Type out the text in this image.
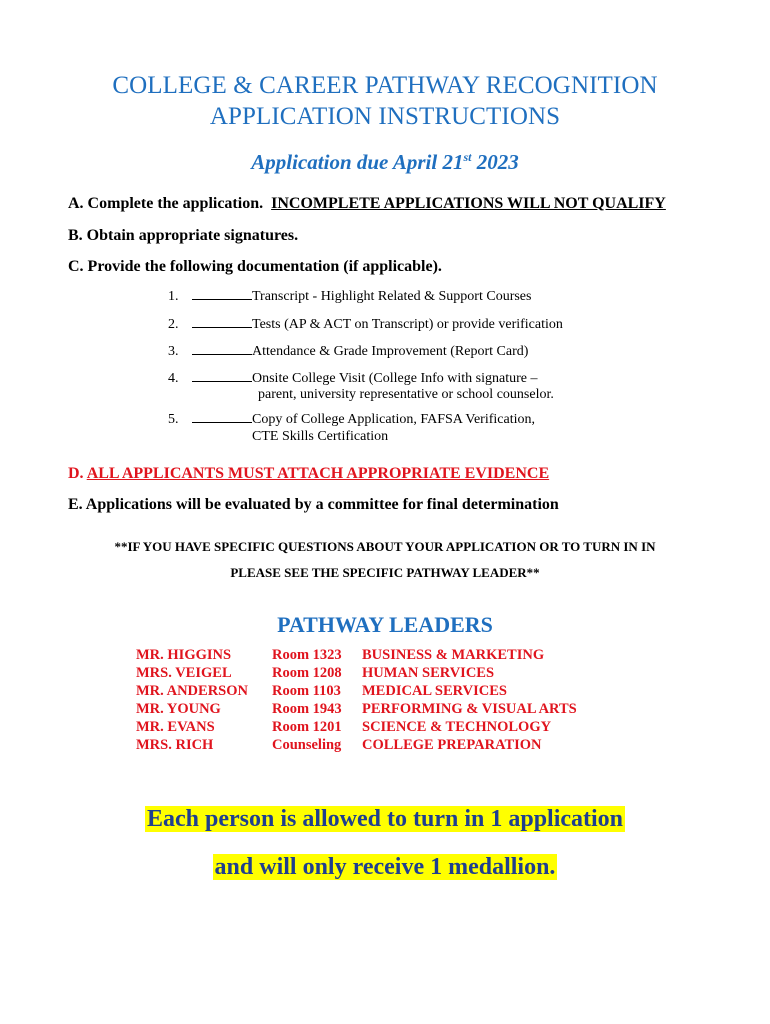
COLLEGE & CAREER PATHWAY RECOGNITION
APPLICATION INSTRUCTIONS
Application due April 21st 2023
A. Complete the application. INCOMPLETE APPLICATIONS WILL NOT QUALIFY
B. Obtain appropriate signatures.
C. Provide the following documentation (if applicable).
1.	Transcript - Highlight Related & Support Courses
2.	Tests (AP & ACT on Transcript) or provide verification
3.	Attendance & Grade Improvement (Report Card)
4.	Onsite College Visit (College Info with signature –
parent, university representative or school counselor.
5.	Copy of College Application, FAFSA Verification,
CTE Skills Certification
D. ALL APPLICANTS MUST ATTACH APPROPRIATE EVIDENCE
E. Applications will be evaluated by a committee for final determination
**IF YOU HAVE SPECIFIC QUESTIONS ABOUT YOUR APPLICATION OR TO TURN IN IN
PLEASE SEE THE SPECIFIC PATHWAY LEADER**
PATHWAY LEADERS
MR. HIGGINS	Room 1323 BUSINESS & MARKETING
MRS. VEIGEL	Room 1208 HUMAN SERVICES
MR. ANDERSON Room 1103 MEDICAL SERVICES
MR. YOUNG	Room 1943 PERFORMING & VISUAL ARTS
MR. EVANS	Room 1201 SCIENCE & TECHNOLOGY
MRS. RICH	Counseling COLLEGE PREPARATION
Each person is allowed to turn in 1 application
and will only receive 1 medallion.
